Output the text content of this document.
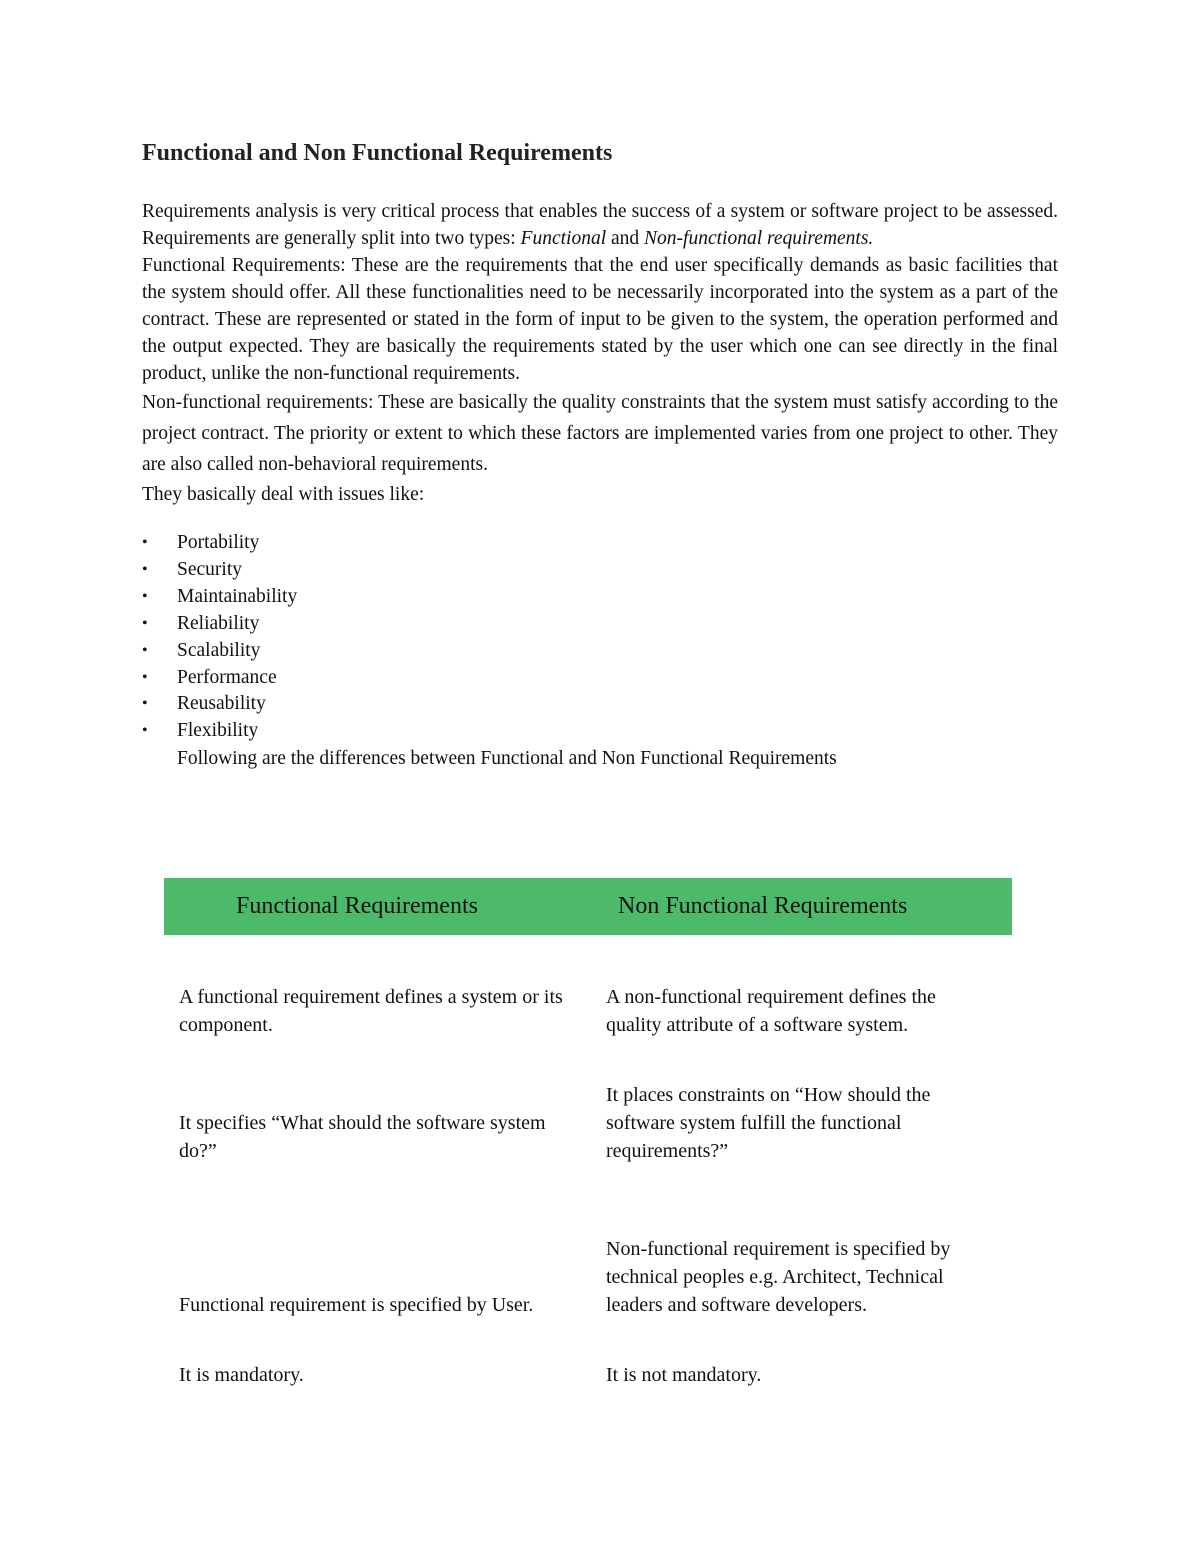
Functional and Non Functional Requirements

Requirements analysis is very critical process that enables the success of a system or software project to be assessed. Requirements are generally split into two types: Functional and Non-functional requirements.

Functional Requirements: These are the requirements that the end user specifically demands as basic facilities that the system should offer. All these functionalities need to be necessarily incorporated into the system as a part of the contract. These are represented or stated in the form of input to be given to the system, the operation performed and the output expected. They are basically the requirements stated by the user which one can see directly in the final product, unlike the non-functional requirements.

Non-functional requirements: These are basically the quality constraints that the system must satisfy according to the project contract. The priority or extent to which these factors are implemented varies from one project to other. They are also called non-behavioral requirements.

They basically deal with issues like:

• Portability
• Security
• Maintainability
• Reliability
• Scalability
• Performance
• Reusability
• Flexibility

Following are the differences between Functional and Non Functional Requirements

Functional Requirements	Non Functional Requirements
A functional requirement defines a system or its component.	A non-functional requirement defines the quality attribute of a software system.
It specifies “What should the software system do?”	It places constraints on “How should the software system fulfill the functional requirements?”
Functional requirement is specified by User.	Non-functional requirement is specified by technical peoples e.g. Architect, Technical leaders and software developers.
It is mandatory.	It is not mandatory.
